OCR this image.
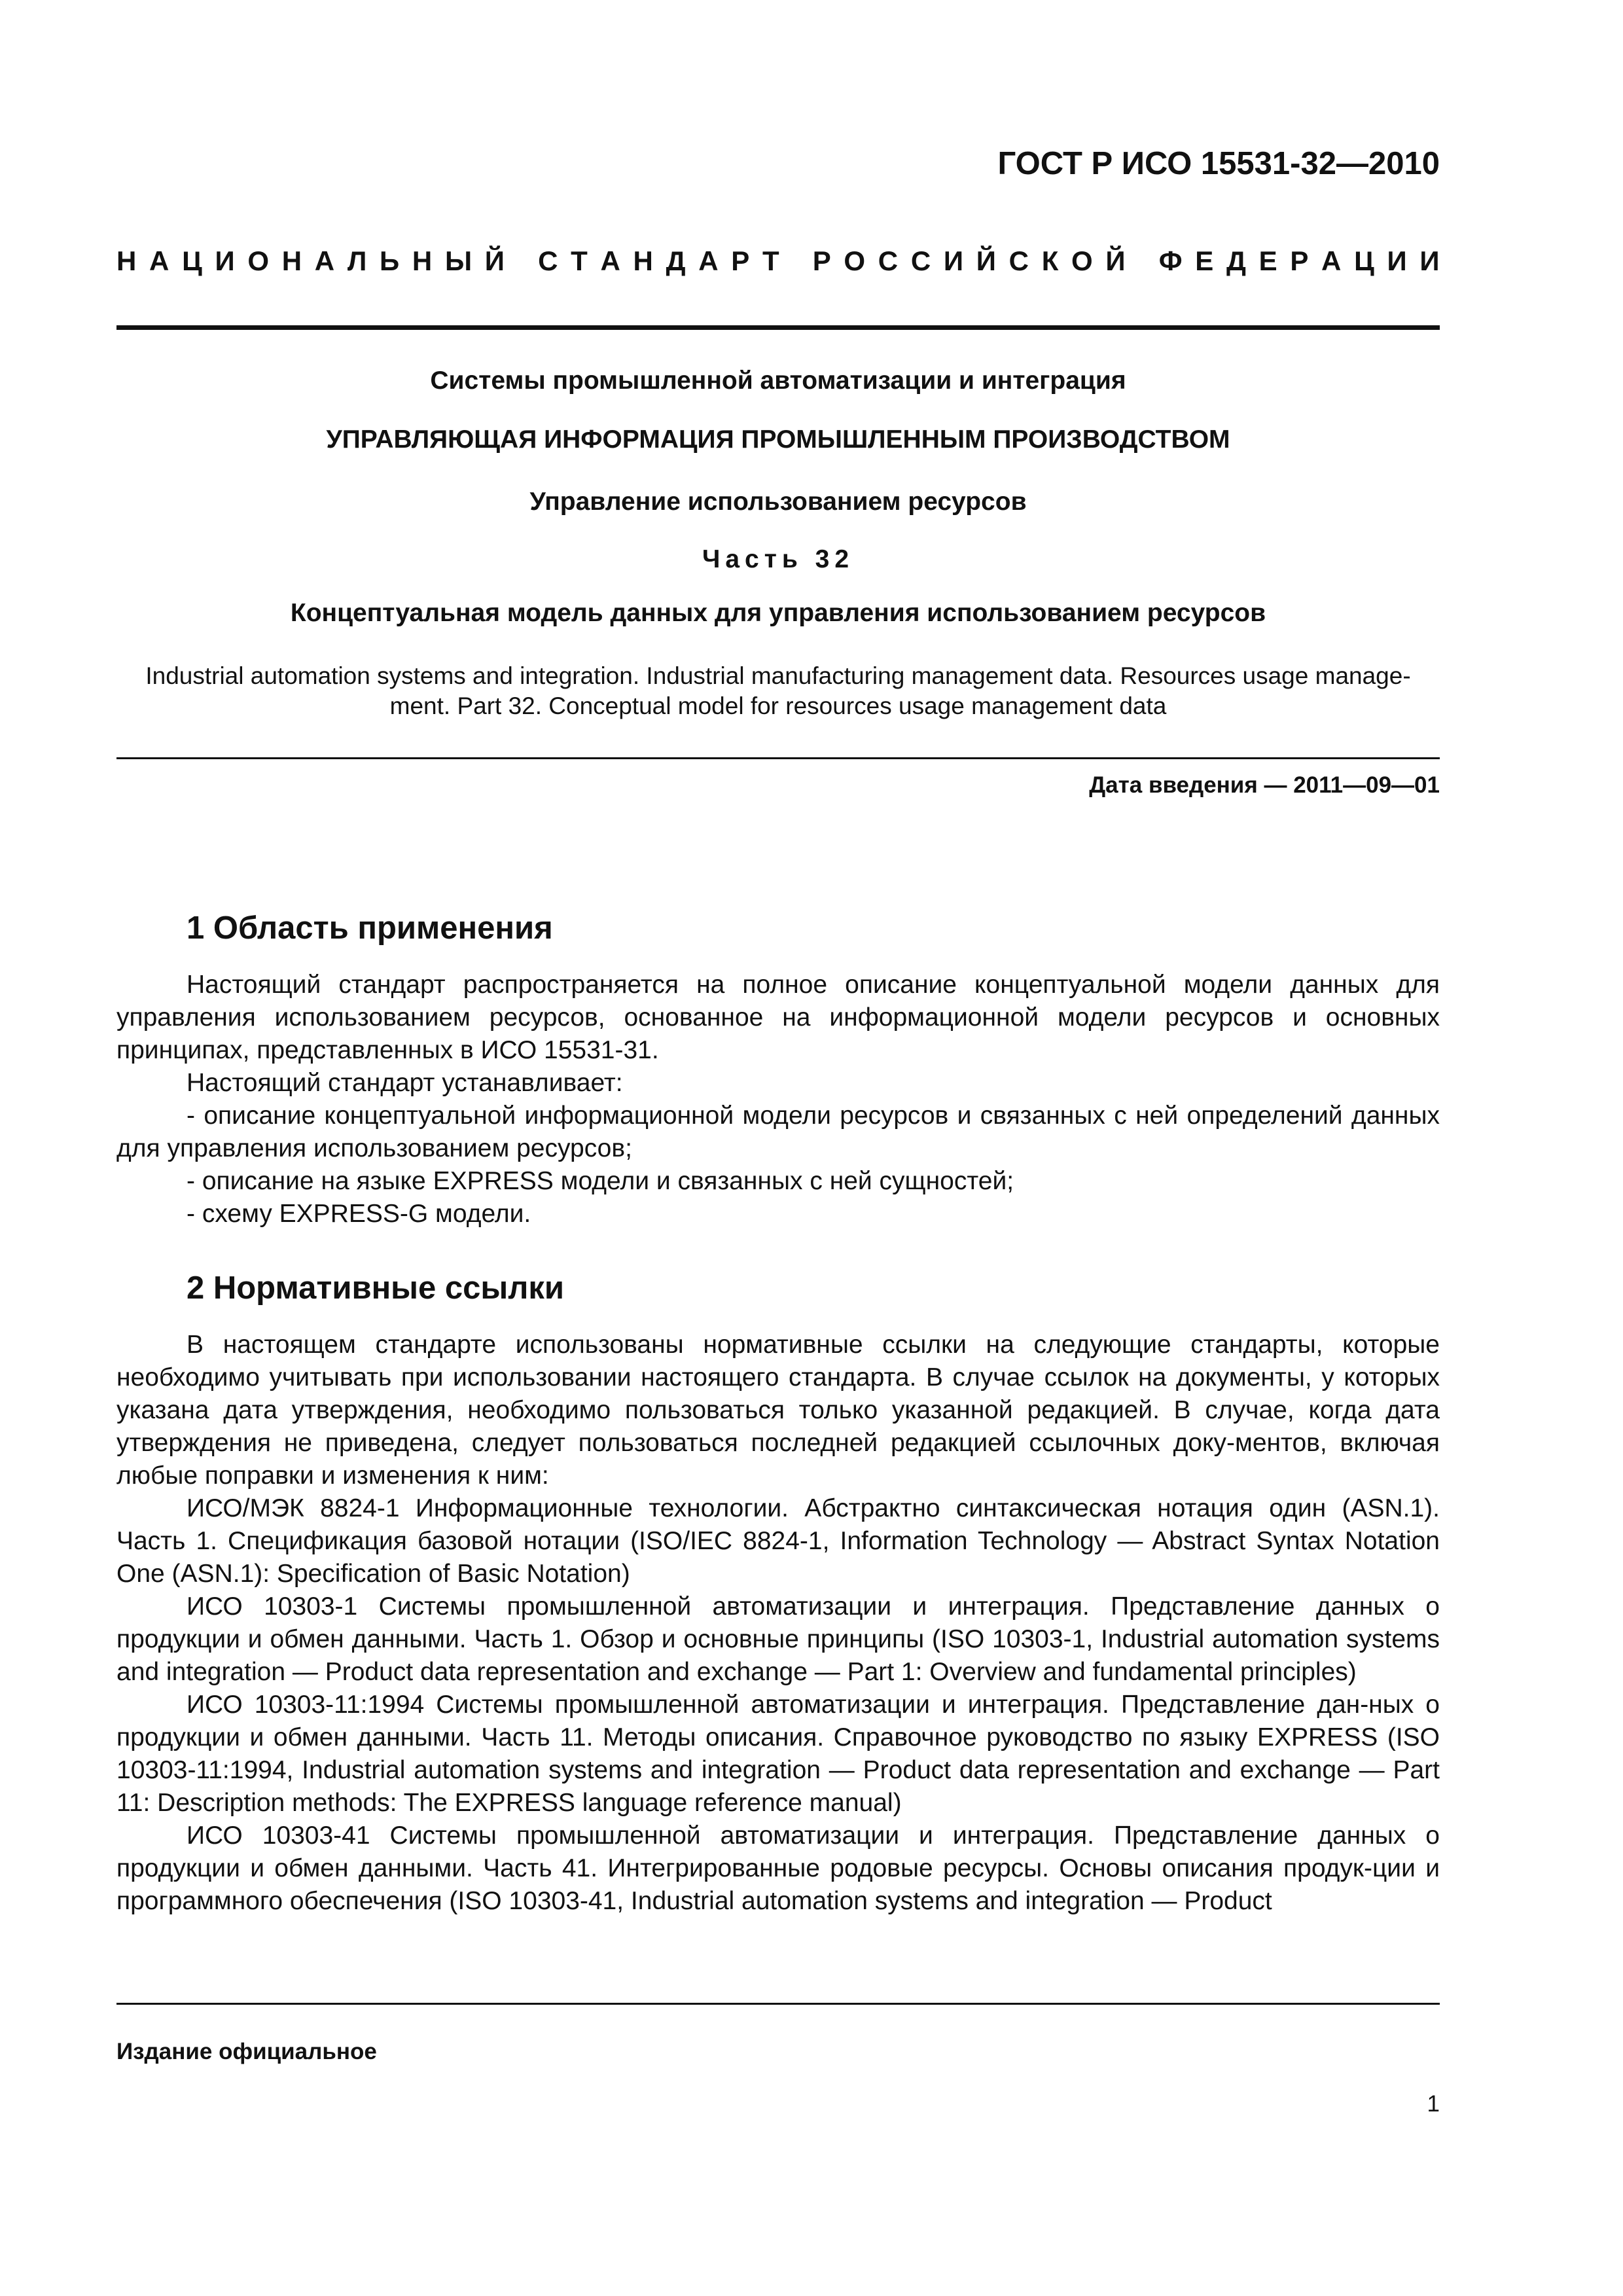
ГОСТ Р ИСО 15531-32—2010
Н А Ц И О Н А Л Ь Н Ы Й
С Т А Н Д А Р Т
Р О С С И Й С К О Й
Ф Е Д Е Р А Ц И И
Системы промышленной автоматизации и интеграция
УПРАВЛЯЮЩАЯ ИНФОРМАЦИЯ ПРОМЫШЛЕННЫМ ПРОИЗВОДСТВОМ
Управление использованием ресурсов
Часть 32
Концептуальная модель данных для управления использованием ресурсов
Industrial automation systems and integration. Industrial manufacturing management data. Resources usage manage-ment. Part 32. Conceptual model for resources usage management data
Дата введения — 2011—09—01
1 Область применения

Настоящий стандарт распространяется на полное описание концептуальной модели данных для управления использованием ресурсов, основанное на информационной модели ресурсов и основных принципах, представленных в ИСО 15531-31.

Настоящий стандарт устанавливает:

- описание концептуальной информационной модели ресурсов и связанных с ней определений данных для управления использованием ресурсов;

- описание на языке EXPRESS модели и связанных с ней сущностей;

- схему EXPRESS-G модели.

2 Нормативные ссылки

В настоящем стандарте использованы нормативные ссылки на следующие стандарты, которые необходимо учитывать при использовании настоящего стандарта. В случае ссылок на документы, у которых указана дата утверждения, необходимо пользоваться только указанной редакцией. В случае, когда дата утверждения не приведена, следует пользоваться последней редакцией ссылочных доку-ментов, включая любые поправки и изменения к ним:

ИСО/МЭК 8824-1 Информационные технологии. Абстрактно синтаксическая нотация один (ASN.1). Часть 1. Спецификация базовой нотации (ISO/IEC 8824-1, Information Technology — Abstract Syntax Notation One (ASN.1): Specification of Basic Notation)

ИСО 10303-1 Системы промышленной автоматизации и интеграция. Представление данных о продукции и обмен данными. Часть 1. Обзор и основные принципы (ISO 10303-1, Industrial automation systems and integration — Product data representation and exchange — Part 1: Overview and fundamental principles)

ИСО 10303-11:1994 Системы промышленной автоматизации и интеграция. Представление дан-ных о продукции и обмен данными. Часть 11. Методы описания. Справочное руководство по языку EXPRESS (ISO 10303-11:1994, Industrial automation systems and integration — Product data representation and exchange — Part 11: Description methods: The EXPRESS language reference manual)

ИСО 10303-41 Системы промышленной автоматизации и интеграция. Представление данных о продукции и обмен данными. Часть 41. Интегрированные родовые ресурсы. Основы описания продук-ции и программного обеспечения (ISO 10303-41, Industrial automation systems and integration — Product

Издание официальное
1
